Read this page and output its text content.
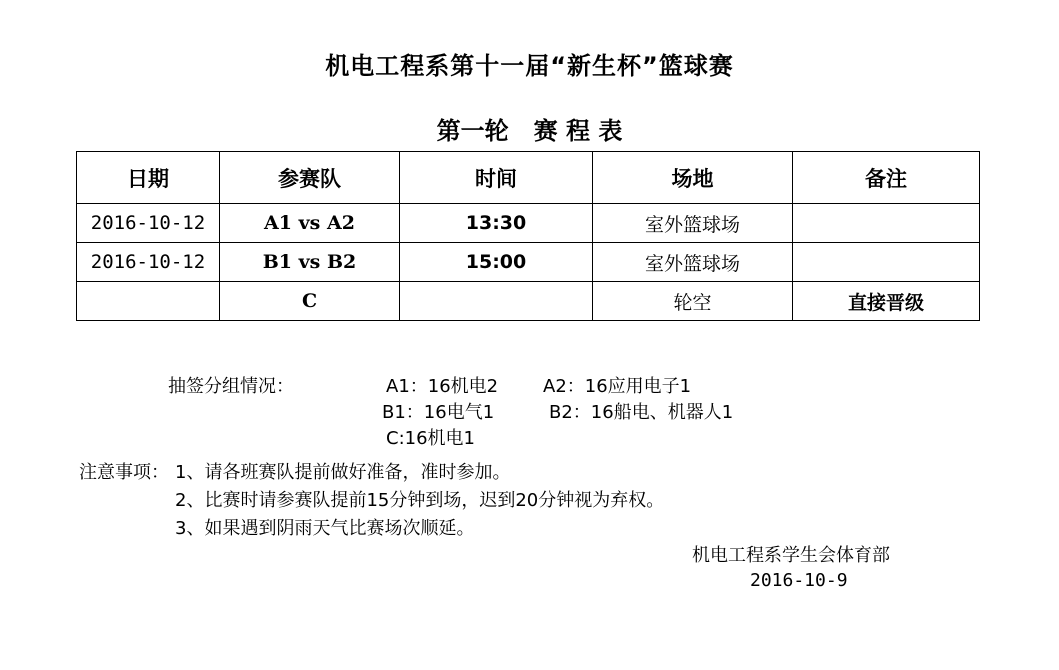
机电工程系第十一届“新生杯”篮球赛
第一轮   赛 程 表
日期	参赛队	时间	场地	备注
2016-10-12	A1 vs A2	13:30	室外篮球场	
2016-10-12	B1 vs B2	15:00	室外篮球场	
	C		轮空	直接晋级
抽签分组情况：	A1：16机电2 A2：16应用电子1
B1：16电气1	B2：16船电、机器人1
C:16机电1
注意事项： 1、请各班赛队提前做好准备，准时参加。
2、比赛时请参赛队提前15分钟到场，迟到20分钟视为弃权。
3、如果遇到阴雨天气比赛场次顺延。
机电工程系学生会体育部
2016-10-9
